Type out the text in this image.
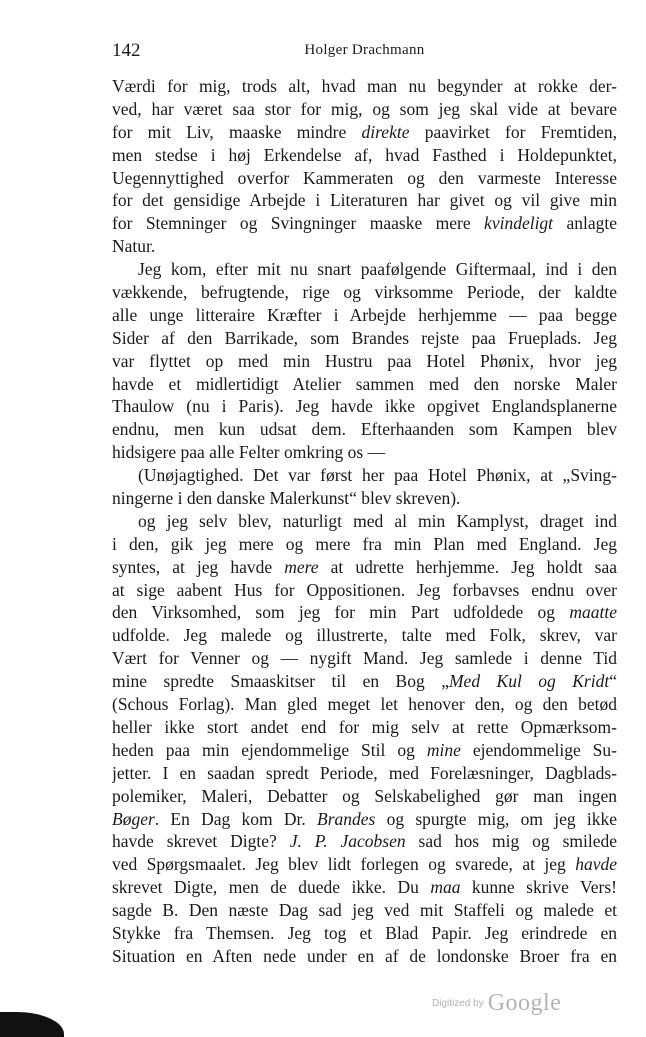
142	Holger Drachmann
Værdi for mig, trods alt, hvad man nu begynder at rokke der-
ved, har været saa stor for mig, og som jeg skal vide at bevare
for mit Liv, maaske mindre direkte paavirket for Fremtiden,
men stedse i høj Erkendelse af, hvad Fasthed i Holdepunktet,
Uegennyttighed overfor Kammeraten og den varmeste Interesse
for det gensidige Arbejde i Literaturen har givet og vil give min
for Stemninger og Svingninger maaske mere kvindeligt anlagte
Natur.
Jeg kom, efter mit nu snart paafølgende Giftermaal, ind i den
vækkende, befrugtende, rige og virksomme Periode, der kaldte
alle unge litteraire Kræfter i Arbejde herhjemme — paa begge
Sider af den Barrikade, som Brandes rejste paa Frueplads. Jeg
var flyttet op med min Hustru paa Hotel Phønix, hvor jeg
havde et midlertidigt Atelier sammen med den norske Maler
Thaulow (nu i Paris). Jeg havde ikke opgivet Englandsplanerne
endnu, men kun udsat dem. Efterhaanden som Kampen blev
hidsigere paa alle Felter omkring os —
(Unøjagtighed. Det var først her paa Hotel Phønix, at „Sving-
ningerne i den danske Malerkunst“ blev skreven).
og jeg selv blev, naturligt med al min Kamplyst, draget ind
i den, gik jeg mere og mere fra min Plan med England. Jeg
syntes, at jeg havde mere at udrette herhjemme. Jeg holdt saa
at sige aabent Hus for Oppositionen. Jeg forbavses endnu over
den Virksomhed, som jeg for min Part udfoldede og maatte
udfolde. Jeg malede og illustrerte, talte med Folk, skrev, var
Vært for Venner og — nygift Mand. Jeg samlede i denne Tid
mine spredte Smaaskitser til en Bog „Med Kul og Kridt“
(Schous Forlag). Man gled meget let henover den, og den betød
heller ikke stort andet end for mig selv at rette Opmærksom-
heden paa min ejendommelige Stil og mine ejendommelige Su-
jetter. I en saadan spredt Periode, med Forelæsninger, Dagblads-
polemiker, Maleri, Debatter og Selskabelighed gør man ingen
Bøger. En Dag kom Dr. Brandes og spurgte mig, om jeg ikke
havde skrevet Digte? J. P. Jacobsen sad hos mig og smilede
ved Spørgsmaalet. Jeg blev lidt forlegen og svarede, at jeg havde
skrevet Digte, men de duede ikke. Du maa kunne skrive Vers!
sagde B. Den næste Dag sad jeg ved mit Staffeli og malede et
Stykke fra Themsen. Jeg tog et Blad Papir. Jeg erindrede en
Situation en Aften nede under en af de londonske Broer fra en
Digitized by Google
